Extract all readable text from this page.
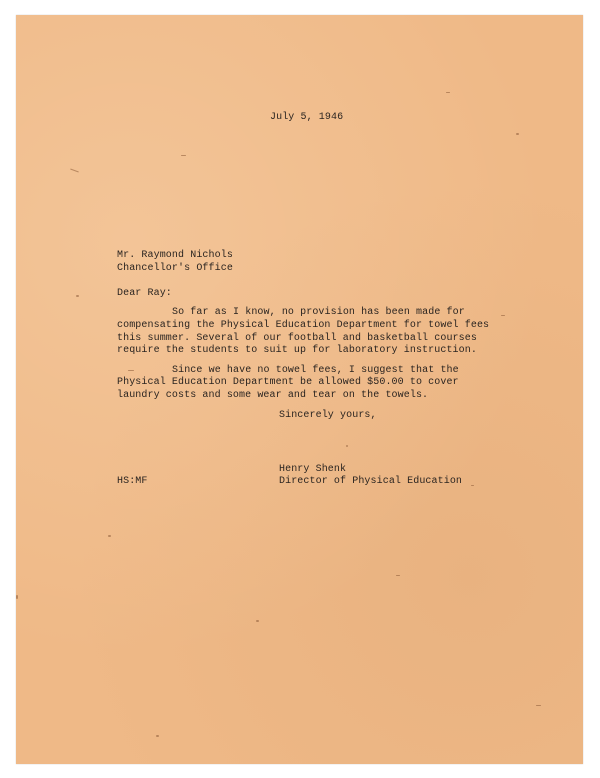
July 5, 1946
Mr. Raymond Nichols
Chancellor's Office
Dear Ray:
So far as I know, no provision has been made for
compensating the Physical Education Department for towel fees
this summer. Several of our football and basketball courses
require the students to suit up for laboratory instruction.
Since we have no towel fees, I suggest that the
Physical Education Department be allowed $50.00 to cover
laundry costs and some wear and tear on the towels.
Sincerely yours,
Henry Shenk
Director of Physical Education
HS:MF
